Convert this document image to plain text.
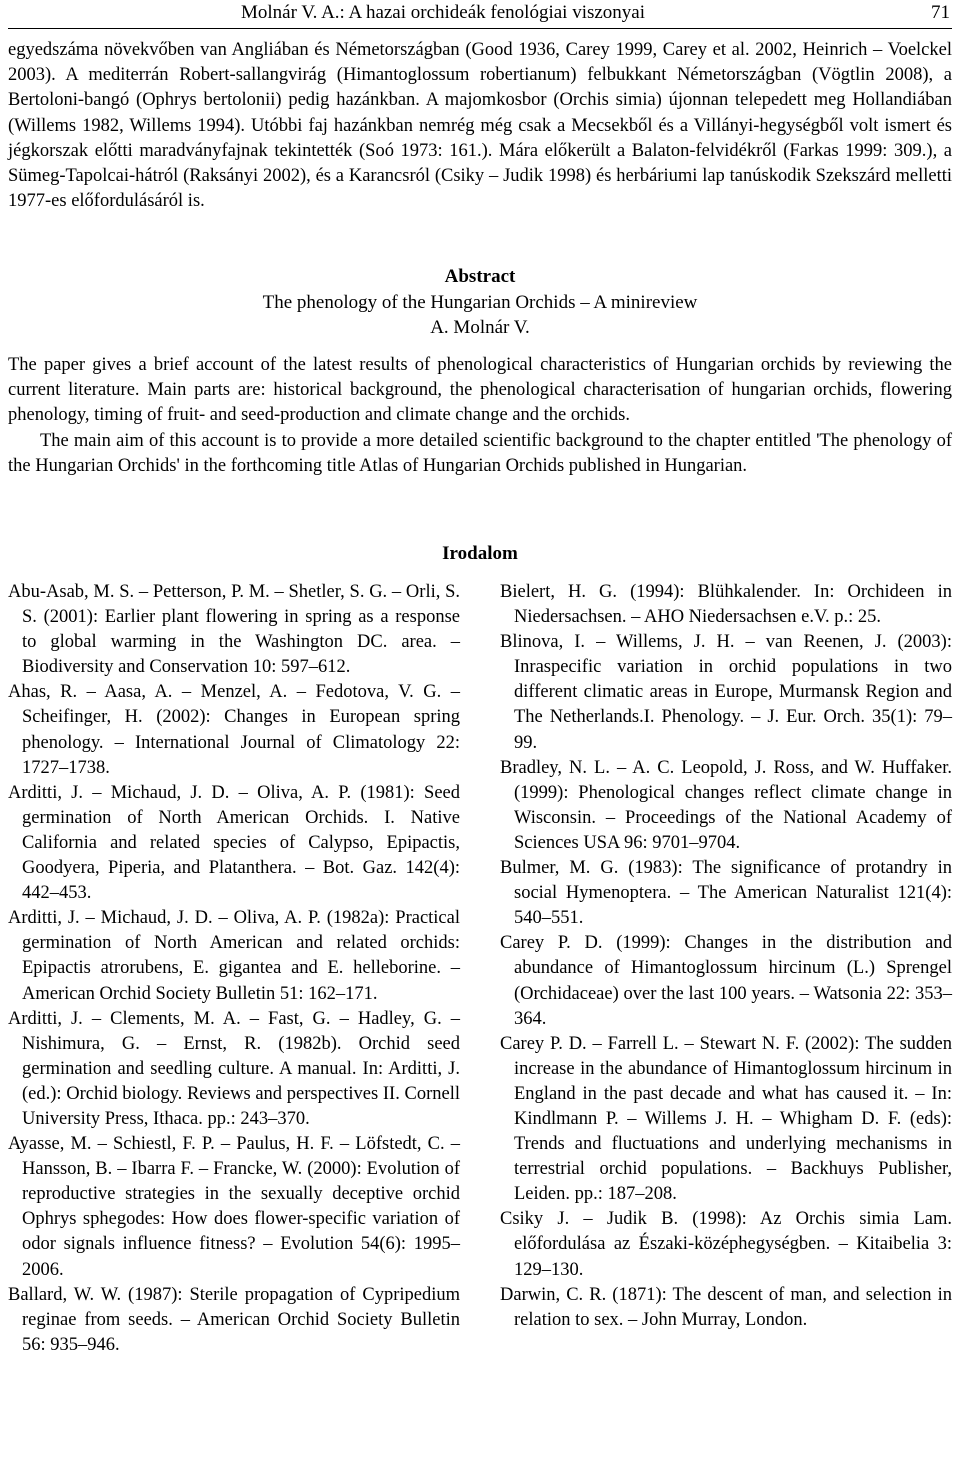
Molnár V. A.: A hazai orchideák fenológiai viszonyai	71

egyedszáma növekvőben van Angliában és Németországban (Good 1936, Carey 1999, Carey et al. 2002, Heinrich – Voelckel 2003). A mediterrán Robert-sallangvirág (Himantoglossum robertianum) felbukkant Németországban (Vögtlin 2008), a Bertoloni-bangó (Ophrys bertolonii) pedig hazánkban. A majomkosbor (Orchis simia) újonnan telepedett meg Hollandiában (Willems 1982, Willems 1994). Utóbbi faj hazánkban nemrég még csak a Mecsekből és a Villányi-hegységből volt ismert és jégkorszak előtti maradványfajnak tekintették (Soó 1973: 161.). Mára előkerült a Balaton-felvidékről (Farkas 1999: 309.), a Sümeg-Tapolcai-hátról (Raksányi 2002), és a Karancsról (Csiky – Judik 1998) és herbáriumi lap tanúskodik Szekszárd melletti 1977-es előfordulásáról is.

Abstract
The phenology of the Hungarian Orchids – A minireview
A. Molnár V.

The paper gives a brief account of the latest results of phenological characteristics of Hungarian orchids by reviewing the current literature. Main parts are: historical background, the phenological characterisation of hungarian orchids, flowering phenology, timing of fruit- and seed-production and climate change and the orchids.

The main aim of this account is to provide a more detailed scientific background to the chapter entitled 'The phenology of the Hungarian Orchids' in the forthcoming title Atlas of Hungarian Orchids published in Hungarian.

Irodalom

Abu-Asab, M. S. – Petterson, P. M. – Shetler, S. G. – Orli, S. S. (2001): Earlier plant flowering in spring as a response to global warming in the Washington DC. area. – Biodiversity and Conservation 10: 597–612.

Ahas, R. – Aasa, A. – Menzel, A. – Fedotova, V. G. – Scheifinger, H. (2002): Changes in European spring phenology. – International Journal of Climatology 22: 1727–1738.

Arditti, J. – Michaud, J. D. – Oliva, A. P. (1981): Seed germination of North American Orchids. I. Native California and related species of Calypso, Epipactis, Goodyera, Piperia, and Platanthera. – Bot. Gaz. 142(4): 442–453.

Arditti, J. – Michaud, J. D. – Oliva, A. P. (1982a): Practical germination of North American and related orchids: Epipactis atrorubens, E. gigantea and E. helleborine. – American Orchid Society Bulletin 51: 162–171.

Arditti, J. – Clements, M. A. – Fast, G. – Hadley, G. – Nishimura, G. – Ernst, R. (1982b). Orchid seed germination and seedling culture. A manual. In: Arditti, J. (ed.): Orchid biology. Reviews and perspectives II. Cornell University Press, Ithaca. pp.: 243–370.

Ayasse, M. – Schiestl, F. P. – Paulus, H. F. – Löfstedt, C. – Hansson, B. – Ibarra F. – Francke, W. (2000): Evolution of reproductive strategies in the sexually deceptive orchid Ophrys sphegodes: How does flower-specific variation of odor signals influence fitness? – Evolution 54(6): 1995–2006.

Ballard, W. W. (1987): Sterile propagation of Cypripedium reginae from seeds. – American Orchid Society Bulletin 56: 935–946.

Bielert, H. G. (1994): Blühkalender. In: Orchideen in Niedersachsen. – AHO Niedersachsen e.V. p.: 25.

Blinova, I. – Willems, J. H. – van Reenen, J. (2003): Inraspecific variation in orchid populations in two different climatic areas in Europe, Murmansk Region and The Netherlands.I. Phenology. – J. Eur. Orch. 35(1): 79–99.

Bradley, N. L. – A. C. Leopold, J. Ross, and W. Huffaker. (1999): Phenological changes reflect climate change in Wisconsin. – Proceedings of the National Academy of Sciences USA 96: 9701–9704.

Bulmer, M. G. (1983): The significance of protandry in social Hymenoptera. – The American Naturalist 121(4): 540–551.

Carey P. D. (1999): Changes in the distribution and abundance of Himantoglossum hircinum (L.) Sprengel (Orchidaceae) over the last 100 years. – Watsonia 22: 353–364.

Carey P. D. – Farrell L. – Stewart N. F. (2002): The sudden increase in the abundance of Himantoglossum hircinum in England in the past decade and what has caused it. – In: Kindlmann P. – Willems J. H. – Whigham D. F. (eds): Trends and fluctuations and underlying mechanisms in terrestrial orchid populations. – Backhuys Publisher, Leiden. pp.: 187–208.

Csiky J. – Judik B. (1998): Az Orchis simia Lam. előfordulása az Északi-középhegységben. – Kitaibelia 3: 129–130.

Darwin, C. R. (1871): The descent of man, and selection in relation to sex. – John Murray, London.
